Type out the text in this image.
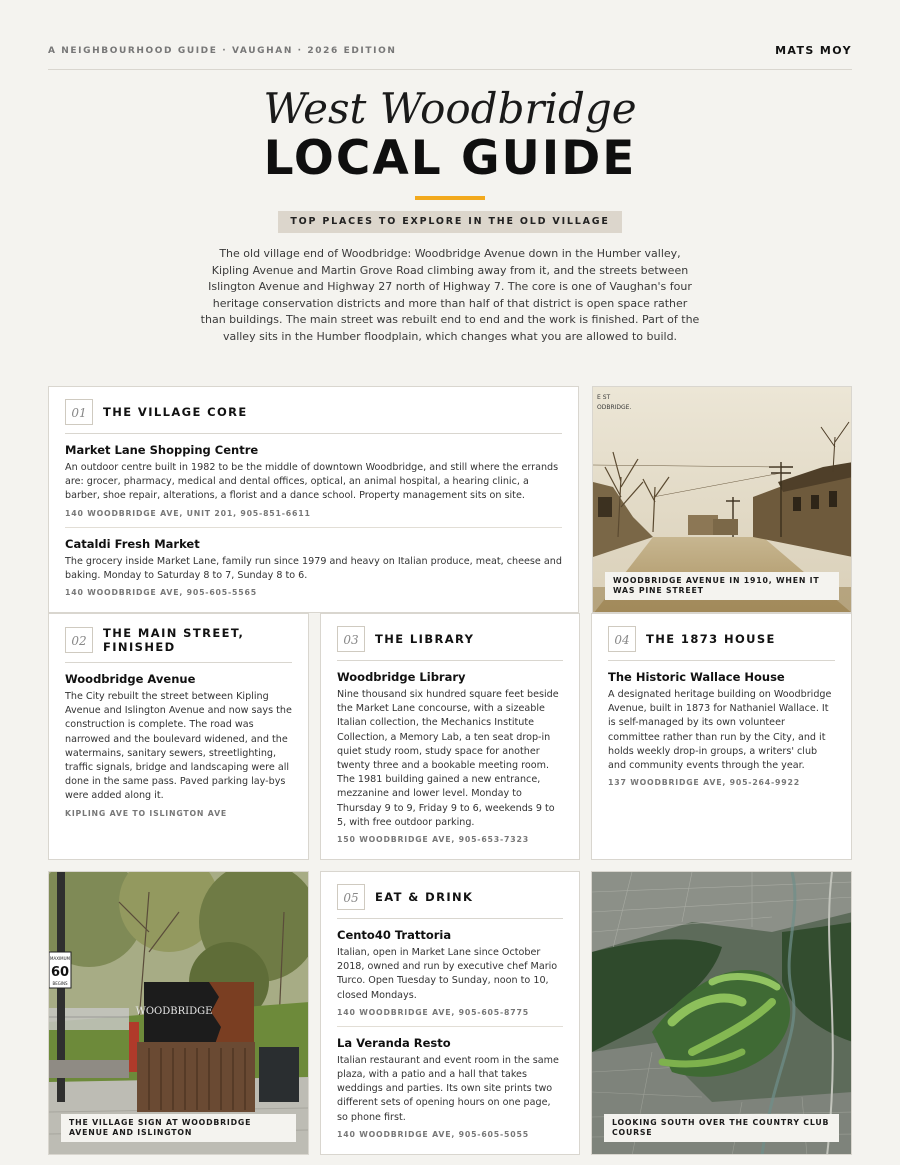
A NEIGHBOURHOOD GUIDE · VAUGHAN · 2026 EDITION	MATS MOY
West Woodbridge
LOCAL GUIDE
TOP PLACES TO EXPLORE IN THE OLD VILLAGE

The old village end of Woodbridge: Woodbridge Avenue down in the Humber valley, Kipling Avenue and Martin Grove Road climbing away from it, and the streets between Islington Avenue and Highway 27 north of Highway 7. The core is one of Vaughan's four heritage conservation districts and more than half of that district is open space rather than buildings. The main street was rebuilt end to end and the work is finished. Part of the valley sits in the Humber floodplain, which changes what you are allowed to build.

01	THE VILLAGE CORE
Market Lane Shopping Centre
An outdoor centre built in 1982 to be the middle of downtown Woodbridge, and still where the errands are: grocer, pharmacy, medical and dental offices, optical, an animal hospital, a hearing clinic, a barber, shoe repair, alterations, a florist and a dance school. Property management sits on site.
140 WOODBRIDGE AVE, UNIT 201, 905-851-6611
Cataldi Fresh Market
The grocery inside Market Lane, family run since 1979 and heavy on Italian produce, meat, cheese and baking. Monday to Saturday 8 to 7, Sunday 8 to 6.
140 WOODBRIDGE AVE, 905-605-5565
E ST
ODBRIDGE.
WOODBRIDGE AVENUE IN 1910, WHEN IT WAS PINE STREET
02
THE MAIN STREET, FINISHED
Woodbridge Avenue
The City rebuilt the street between Kipling Avenue and Islington Avenue and now says the construction is complete. The road was narrowed and the boulevard widened, and the watermains, sanitary sewers, streetlighting, traffic signals, bridge and landscaping were all done in the same pass. Paved parking lay-bys were added along it.
KIPLING AVE TO ISLINGTON AVE
03	THE LIBRARY
Woodbridge Library
Nine thousand six hundred square feet beside the Market Lane concourse, with a sizeable Italian collection, the Mechanics Institute Collection, a Memory Lab, a ten seat drop-in quiet study room, study space for another twenty three and a bookable meeting room. The 1981 building gained a new entrance, mezzanine and lower level. Monday to Thursday 9 to 9, Friday 9 to 6, weekends 9 to 5, with free outdoor parking.
150 WOODBRIDGE AVE, 905-653-7323
04	THE 1873 HOUSE
The Historic Wallace House
A designated heritage building on Woodbridge Avenue, built in 1873 for Nathaniel Wallace. It is self-managed by its own volunteer committee rather than run by the City, and it holds weekly drop-in groups, a writers' club and community events through the year.
137 WOODBRIDGE AVE, 905-264-9922
MAXIMUM
60
BEGINS
WOODBRIDGE
THE VILLAGE SIGN AT WOODBRIDGE AVENUE AND ISLINGTON
05	EAT & DRINK
Cento40 Trattoria
Italian, open in Market Lane since October 2018, owned and run by executive chef Mario Turco. Open Tuesday to Sunday, noon to 10, closed Mondays.
140 WOODBRIDGE AVE, 905-605-8775
La Veranda Resto
Italian restaurant and event room in the same plaza, with a patio and a hall that takes weddings and parties. Its own site prints two different sets of opening hours on one page, so phone first.
140 WOODBRIDGE AVE, 905-605-5055
LOOKING SOUTH OVER THE COUNTRY CLUB COURSE
